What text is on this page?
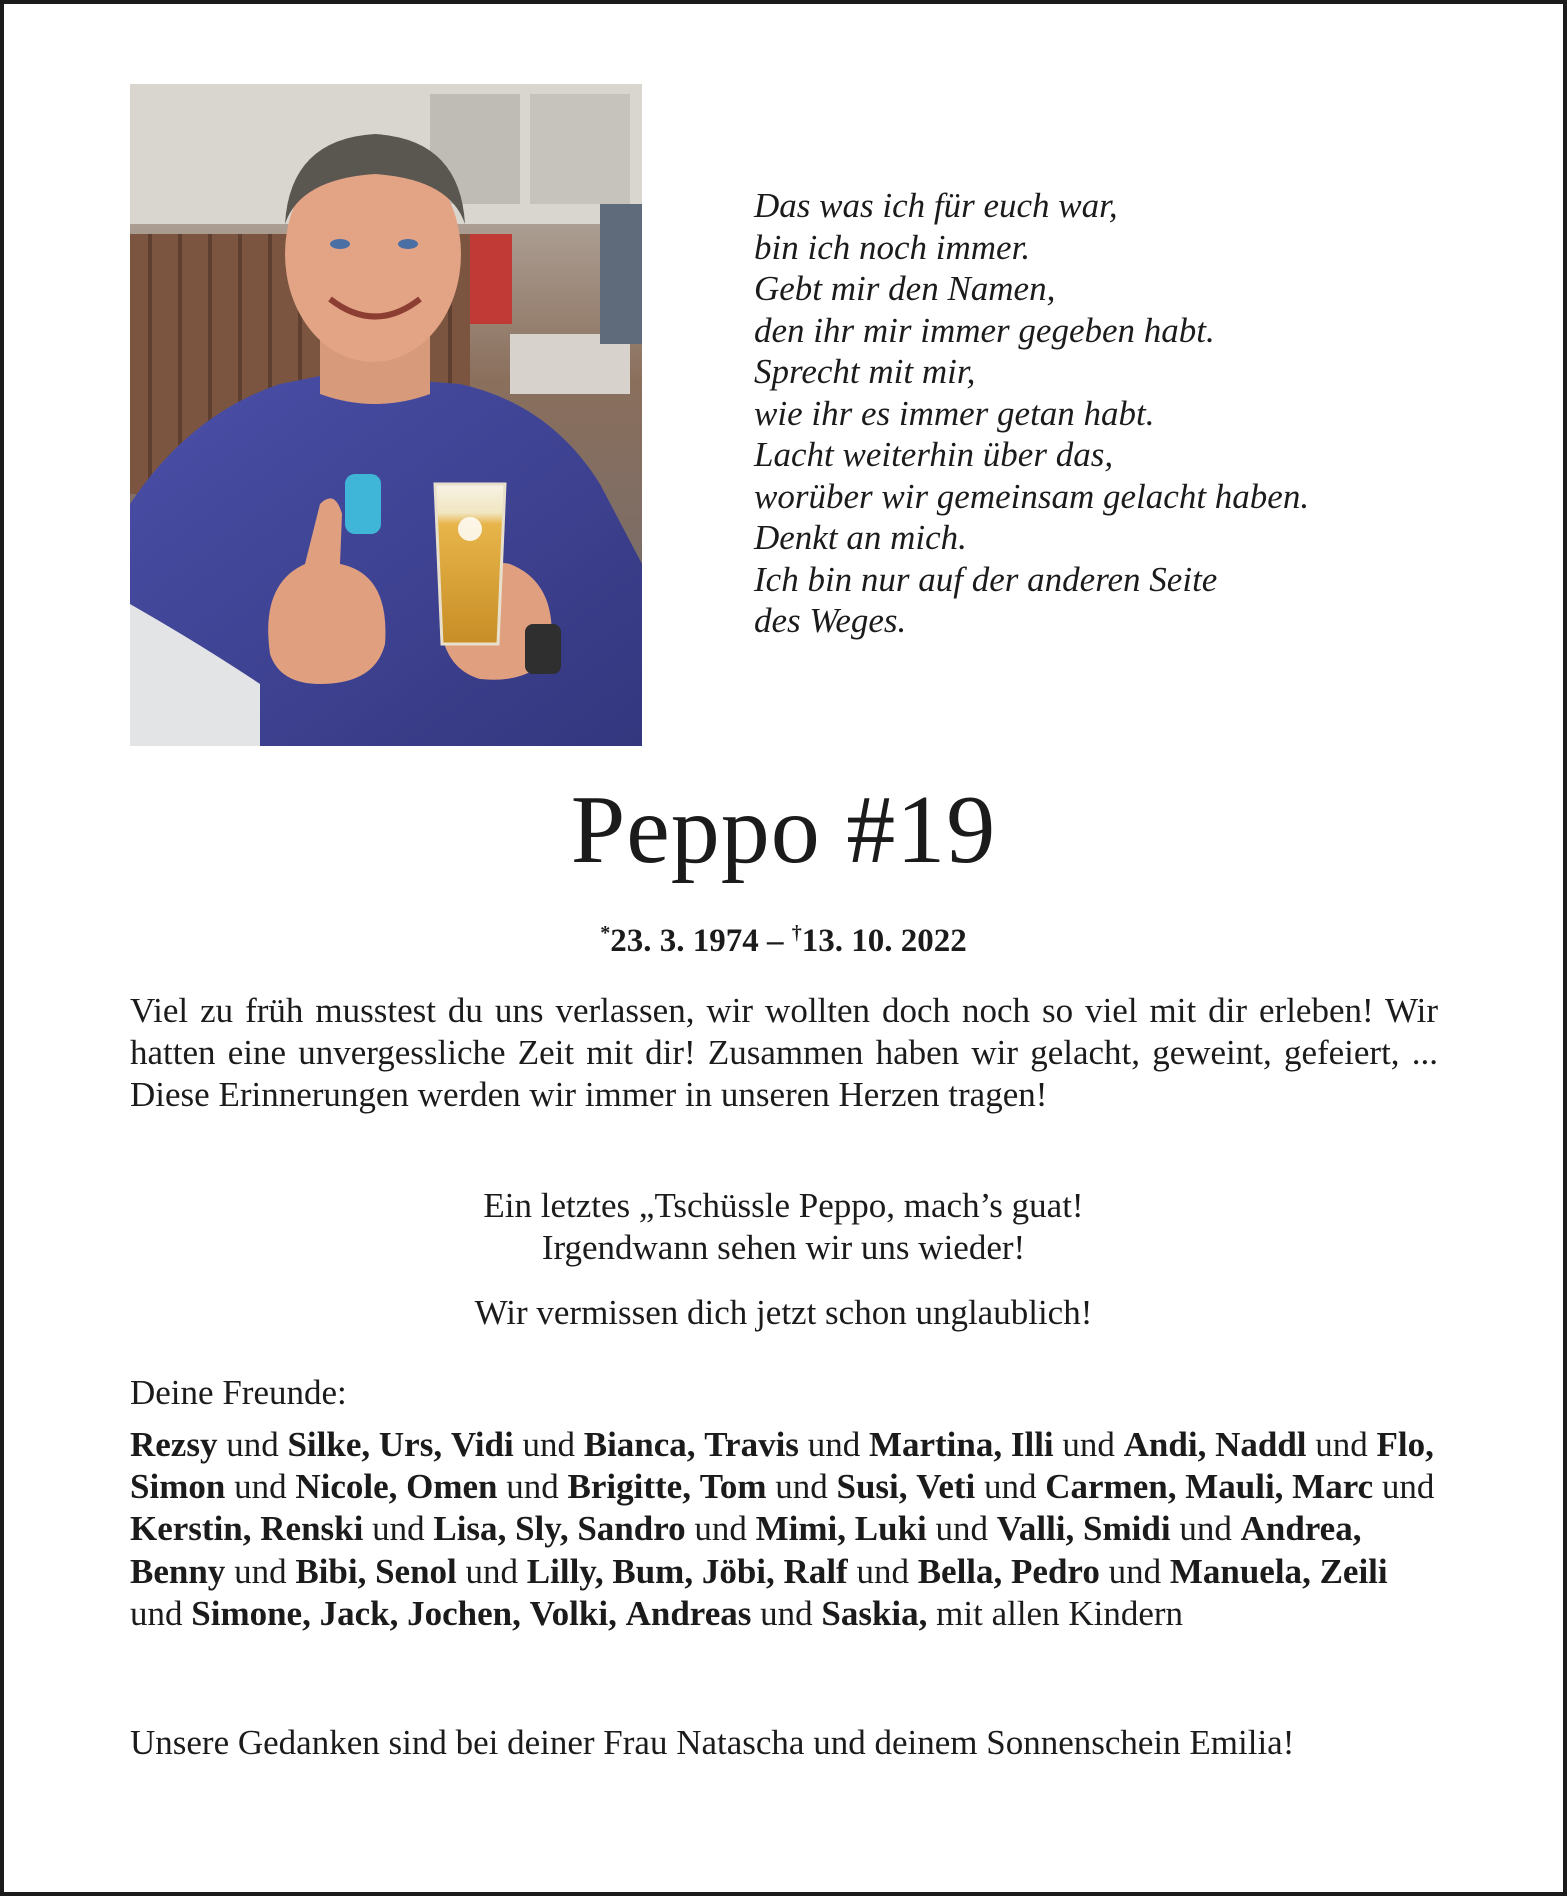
Das was ich für euch war,
bin ich noch immer.
Gebt mir den Namen,
den ihr mir immer gegeben habt.
Sprecht mit mir,
wie ihr es immer getan habt.
Lacht weiterhin über das,
worüber wir gemeinsam gelacht haben.
Denkt an mich.
Ich bin nur auf der anderen Seite
des Weges.
Peppo #19
*23. 3. 1974 – †13. 10. 2022
Viel zu früh musstest du uns verlassen, wir wollten doch noch so viel mit dir erleben! Wir hatten eine unvergessliche Zeit mit dir! Zusammen haben wir gelacht, geweint, gefeiert, ... Diese Erinnerungen werden wir immer in unseren Herzen tragen!
Ein letztes „Tschüssle Peppo, mach’s guat!
Irgendwann sehen wir uns wieder!
Wir vermissen dich jetzt schon unglaublich!
Deine Freunde:
Rezsy und Silke, Urs, Vidi und Bianca, Travis und Martina, Illi und Andi, Naddl und Flo, Simon und Nicole, Omen und Brigitte, Tom und Susi, Veti und Carmen, Mauli, Marc und Kerstin, Renski und Lisa, Sly, Sandro und Mimi, Luki und Valli, Smidi und Andrea, Benny und Bibi, Senol und Lilly, Bum, Jöbi, Ralf und Bella, Pedro und Manuela, Zeili und Simone, Jack, Jochen, Volki, Andreas und Saskia, mit allen Kindern
Unsere Gedanken sind bei deiner Frau Natascha und deinem Sonnenschein Emilia!
